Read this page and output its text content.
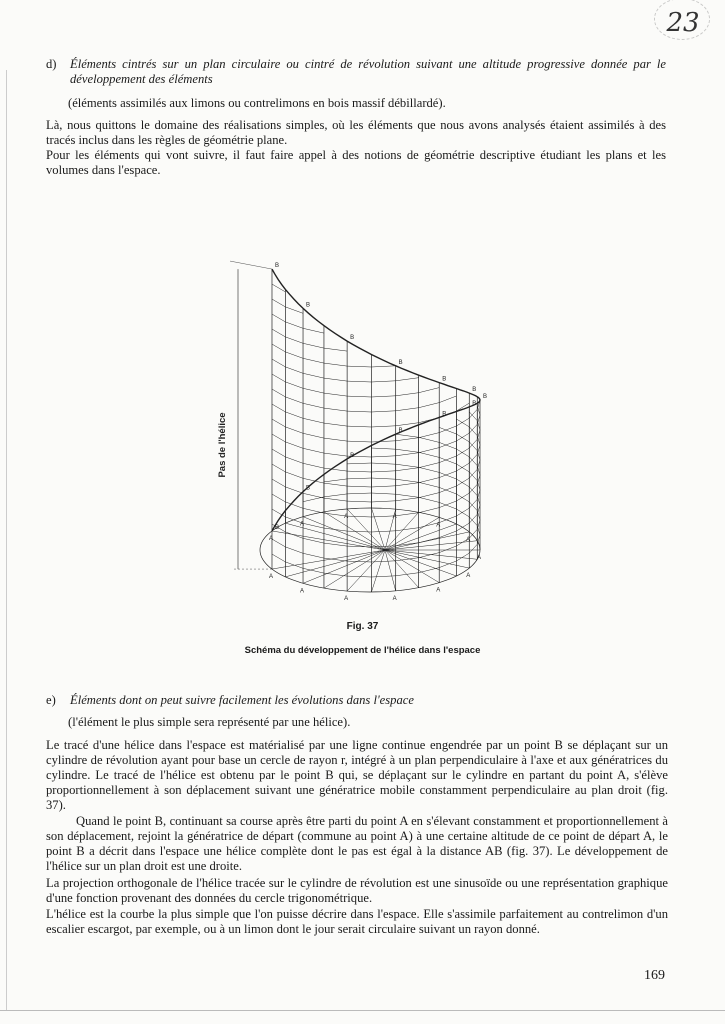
23
d) Éléments cintrés sur un plan circulaire ou cintré de révolution suivant une altitude progressive donnée par le développement des éléments

(éléments assimilés aux limons ou contrelimons en bois massif débillardé).

Là, nous quittons le domaine des réalisations simples, où les éléments que nous avons analysés étaient assimilés à des tracés inclus dans les règles de géométrie plane.

Pour les éléments qui vont suivre, il faut faire appel à des notions de géométrie descriptive étudiant les plans et les volumes dans l'espace.

A
B
A
B
A
B
A
B
A
B
A
B
A
B
A
B
A
B
A
B
A
B
A
B
A
B
Pas de l'hélice
Fig. 37
Schéma du développement de l'hélice dans l'espace
e) Éléments dont on peut suivre facilement les évolutions dans l'espace

(l'élément le plus simple sera représenté par une hélice).

Le tracé d'une hélice dans l'espace est matérialisé par une ligne continue engendrée par un point B se déplaçant sur un cylindre de révolution ayant pour base un cercle de rayon r, intégré à un plan perpendiculaire à l'axe et aux génératrices du cylindre. Le tracé de l'hélice est obtenu par le point B qui, se déplaçant sur le cylindre en partant du point A, s'élève proportionnellement à son déplacement suivant une génératrice mobile constamment perpendiculaire au plan droit (fig. 37).

Quand le point B, continuant sa course après être parti du point A en s'élevant constamment et proportionnellement à son déplacement, rejoint la génératrice de départ (commune au point A) à une certaine altitude de ce point de départ A, le point B a décrit dans l'espace une hélice complète dont le pas est égal à la distance AB (fig. 37). Le développement de l'hélice sur un plan droit est une droite.

La projection orthogonale de l'hélice tracée sur le cylindre de révolution est une sinusoïde ou une représentation graphique d'une fonction provenant des données du cercle trigonométrique.

L'hélice est la courbe la plus simple que l'on puisse décrire dans l'espace. Elle s'assimile parfaitement au contrelimon d'un escalier escargot, par exemple, ou à un limon dont le jour serait circulaire suivant un rayon donné.

169
